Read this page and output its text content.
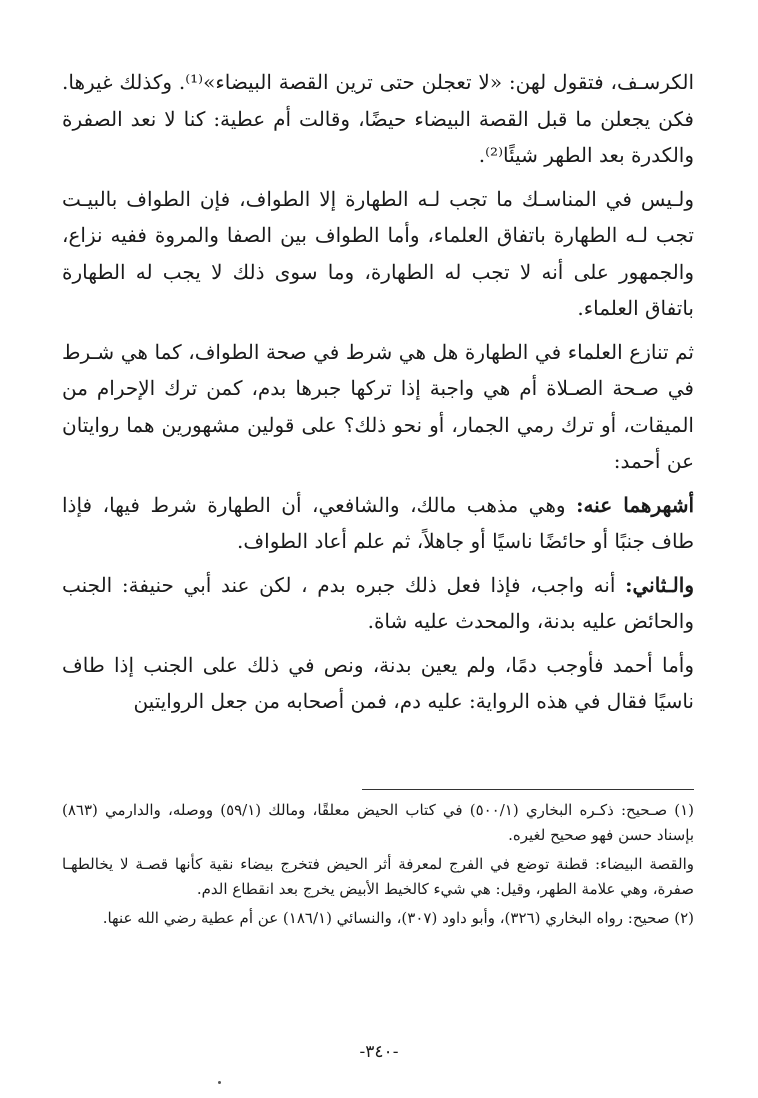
الكرسـف، فتقول لهن: «لا تعجلن حتى ترين القصة البيضاء»⁽¹⁾. وكذلك غيرها. فكن يجعلن ما قبل القصة البيضاء حيضًا، وقالت أم عطية: كنا لا نعد الصفرة والكدرة بعد الطهر شيئًا⁽²⁾.

ولـيس في المناسـك ما تجب لـه الطهارة إلا الطواف، فإن الطواف بالبيـت تجب لـه الطهارة باتفاق العلماء، وأما الطواف بين الصفا والمروة ففيه نزاع، والجمهور على أنه لا تجب له الطهارة، وما سوى ذلك لا يجب له الطهارة باتفاق العلماء.

ثم تنازع العلماء في الطهارة هل هي شرط في صحة الطواف، كما هي شـرط في صـحة الصـلاة أم هي واجبة إذا تركها جبرها بدم، كمن ترك الإحرام من الميقات، أو ترك رمي الجمار، أو نحو ذلك؟ على قولين مشهورين هما روايتان عن أحمد:

أشهرهما عنه: وهي مذهب مالك، والشافعي، أن الطهارة شرط فيها، فإذا طاف جنبًا أو حائضًا ناسيًا أو جاهلاً، ثم علم أعاد الطواف.

والـثاني: أنه واجب، فإذا فعل ذلك جبره بدم ، لكن عند أبي حنيفة: الجنب والحائض عليه بدنة، والمحدث عليه شاة.

وأما أحمد فأوجب دمًا، ولم يعين بدنة، ونص في ذلك على الجنب إذا طاف ناسيًا فقال في هذه الرواية: عليه دم، فمن أصحابه من جعل الروايتين

(١) صـحيح: ذكـره البخاري (٥٠٠/١) في كتاب الحيض معلقًا، ومالك (٥٩/١) ووصله، والدارمي (٨٦٣) بإسناد حسن فهو صحيح لغيره.

والقصة البيضاء: قطنة توضع في الفرج لمعرفة أثر الحيض فتخرج بيضاء نقية كأنها قصـة لا يخالطهـا صفرة، وهي علامة الطهر، وقيل: هي شيء كالخيط الأبيض يخرج بعد انقطاع الدم.

(٢) صحيح: رواه البخاري (٣٢٦)، وأبو داود (٣٠٧)، والنسائي (١٨٦/١) عن أم عطية رضي الله عنها.

-٣٤٠-
